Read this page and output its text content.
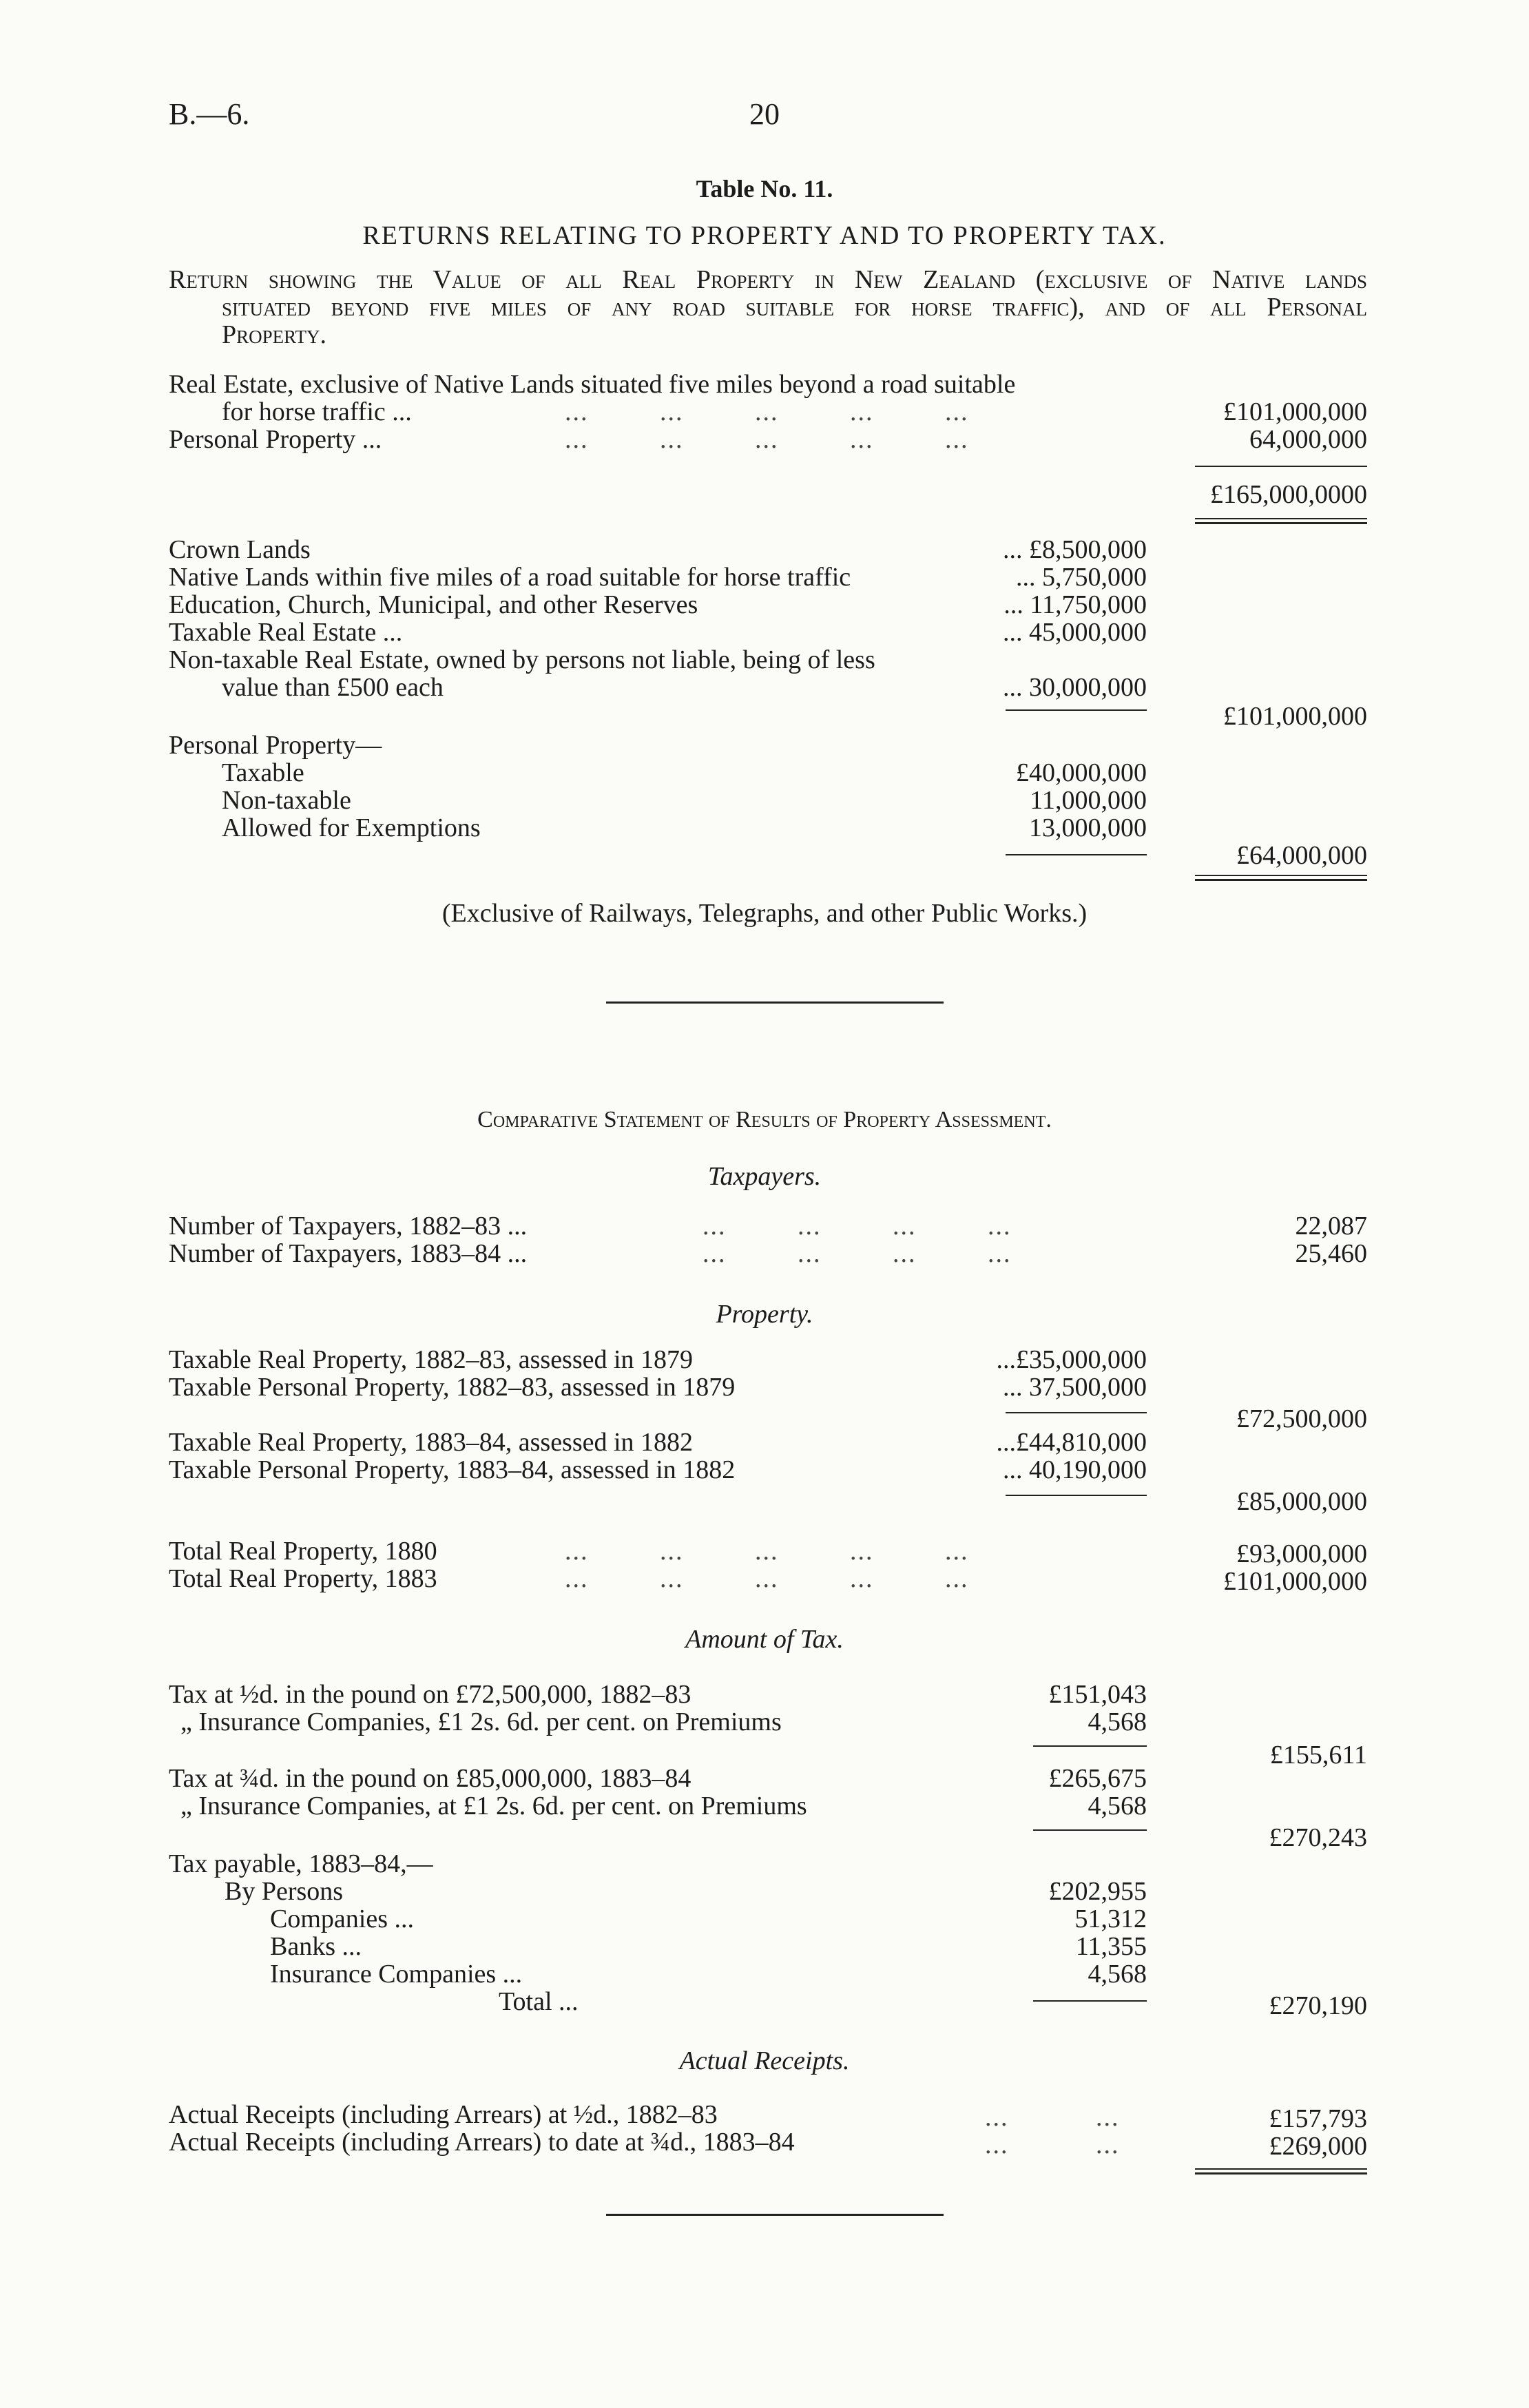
B.—6.	20
Table No. 11.
RETURNS RELATING TO PROPERTY AND TO PROPERTY TAX.
Return showing the Value of all Real Property in New Zealand (exclusive of Native lands
situated beyond five miles of any road suitable for horse traffic), and of all Personal
Property.
Real Estate, exclusive of Native Lands situated five miles beyond a road suitable
for horse traffic ...	...         ...         ...         ...         ...	£101,000,000
Personal Property ...	...         ...         ...         ...         ...	64,000,000
£165,000,0000
Crown Lands	... £8,500,000
Native Lands within five miles of a road suitable for horse traffic	... 5,750,000
Education, Church, Municipal, and other Reserves	... 11,750,000
Taxable Real Estate ...	... 45,000,000
Non-taxable Real Estate, owned by persons not liable, being of less
value than £500 each	... 30,000,000
£101,000,000
Personal Property—
Taxable	£40,000,000
Non-taxable	11,000,000
Allowed for Exemptions	13,000,000
£64,000,000
(Exclusive of Railways, Telegraphs, and other Public Works.)
Comparative Statement of Results of Property Assessment.
Taxpayers.
Number of Taxpayers, 1882–83 ...	...         ...         ...         ...	22,087
Number of Taxpayers, 1883–84 ...	...         ...         ...         ...	25,460
Property.
Taxable Real Property, 1882–83, assessed in 1879	...£35,000,000
Taxable Personal Property, 1882–83, assessed in 1879	... 37,500,000
£72,500,000
Taxable Real Property, 1883–84, assessed in 1882	...£44,810,000
Taxable Personal Property, 1883–84, assessed in 1882	... 40,190,000
£85,000,000
Total Real Property, 1880	...         ...         ...         ...         ...	£93,000,000
Total Real Property, 1883	...         ...         ...         ...         ...	£101,000,000
Amount of Tax.
Tax at ½d. in the pound on £72,500,000, 1882–83	£151,043
„ Insurance Companies, £1 2s. 6d. per cent. on Premiums	4,568
£155,611
Tax at ¾d. in the pound on £85,000,000, 1883–84	£265,675
„ Insurance Companies, at £1 2s. 6d. per cent. on Premiums	4,568
£270,243
Tax payable, 1883–84,—
By Persons	£202,955
Companies ...	51,312
Banks ...	11,355
Insurance Companies ...	4,568
Total ...	£270,190
Actual Receipts.
Actual Receipts (including Arrears) at ½d., 1882–83	...           ...	£157,793
Actual Receipts (including Arrears) to date at ¾d., 1883–84	...           ...	£269,000
